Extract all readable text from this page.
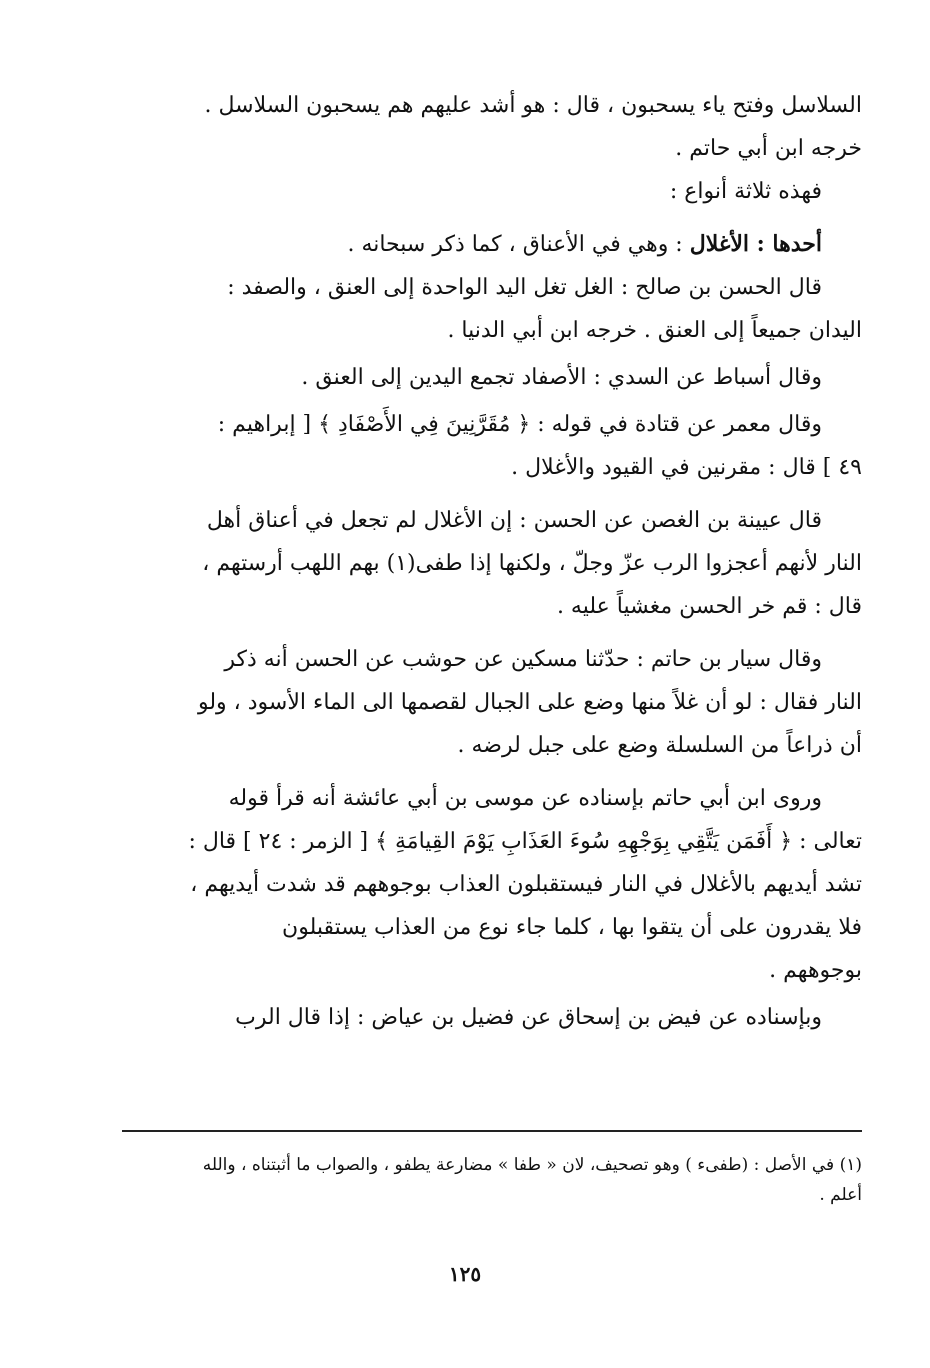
السلاسل وفتح ياء يسحبون ، قال : هو أشد عليهم هم يسحبون السلاسل .
خرجه ابن أبي حاتم .

فهذه ثلاثة أنواع :

أحدها : الأغلال : وهي في الأعناق ، كما ذكر سبحانه .

قال الحسن بن صالح : الغل تغل اليد الواحدة إلى العنق ، والصفد :
اليدان جميعاً إلى العنق . خرجه ابن أبي الدنيا .

وقال أسباط عن السدي : الأصفاد تجمع اليدين إلى العنق .

وقال معمر عن قتادة في قوله : ﴿ مُقَرَّنِينَ فِي الأَصْفَادِ ﴾ [ إبراهيم :
٤٩ ] قال : مقرنين في القيود والأغلال .

قال عيينة بن الغصن عن الحسن : إن الأغلال لم تجعل في أعناق أهل
النار لأنهم أعجزوا الرب عزّ وجلّ ، ولكنها إذا طفى(١) بهم اللهب أرستهم ،
قال : قم خر الحسن مغشياً عليه .

وقال سيار بن حاتم : حدّثنا مسكين عن حوشب عن الحسن أنه ذكر
النار فقال : لو أن غلاً منها وضع على الجبال لقصمها الى الماء الأسود ، ولو
أن ذراعاً من السلسلة وضع على جبل لرضه .

وروى ابن أبي حاتم بإسناده عن موسى بن أبي عائشة أنه قرأ قوله
تعالى : ﴿ أَفَمَن يَتَّقِي بِوَجْهِهِ سُوءَ العَذَابِ يَوْمَ القِيامَةِ ﴾ [ الزمر : ٢٤ ] قال :
تشد أيديهم بالأغلال في النار فيستقبلون العذاب بوجوههم قد شدت أيديهم ،
فلا يقدرون على أن يتقوا بها ، كلما جاء نوع من العذاب يستقبلون
بوجوههم .

وبإسناده عن فيض بن إسحاق عن فضيل بن عياض : إذا قال الرب

(١) في الأصل : (طفىء ) وهو تصحيف، لان « طفا » مضارعة يطفو ، والصواب ما أثبتناه ، والله
أعلم .
١٢٥
